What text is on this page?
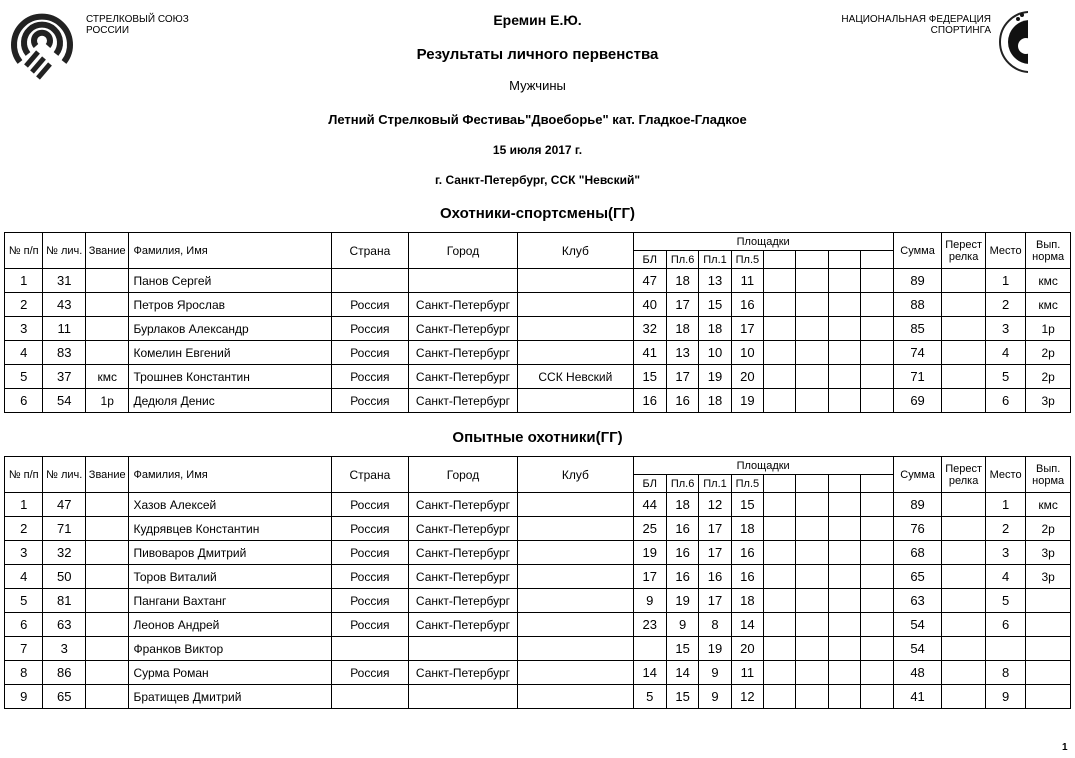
СТРЕЛКОВЫЙ СОЮЗ
РОССИИ
НАЦИОНАЛЬНАЯ ФЕДЕРАЦИЯ
СПОРТИНГА
Еремин Е.Ю.
Результаты личного первенства
Мужчины
Летний Стрелковый Фестиваь"Двоеборье" кат. Гладкое-Гладкое
15 июля 2017 г.
г. Санкт-Петербург, ССК "Невский"
Охотники-спортсмены(ГГ)
№ п/п	№ лич.	Звание	Фамилия, Имя	Страна	Город	Клуб	Площадки								Сумма	Перест релка	Место	Вып. норма
							БЛ	Пл.6	Пл.1	Пл.5								
1	31		Панов Сергей				47	18	13	11					89		1	кмс
2	43		Петров Ярослав	Россия	Санкт-Петербург		40	17	15	16					88		2	кмс
3	11		Бурлаков Александр	Россия	Санкт-Петербург		32	18	18	17					85		3	1р
4	83		Комелин Евгений	Россия	Санкт-Петербург		41	13	10	10					74		4	2р
5	37	кмс	Трошнев Константин	Россия	Санкт-Петербург	ССК Невский	15	17	19	20					71		5	2р
6	54	1р	Дедюля Денис	Россия	Санкт-Петербург		16	16	18	19					69		6	3р
Опытные охотники(ГГ)
№ п/п	№ лич.	Звание	Фамилия, Имя	Страна	Город	Клуб	Площадки								Сумма	Перест релка	Место	Вып. норма
							БЛ	Пл.6	Пл.1	Пл.5								
1	47		Хазов Алексей	Россия	Санкт-Петербург		44	18	12	15					89		1	кмс
2	71		Кудрявцев Константин	Россия	Санкт-Петербург		25	16	17	18					76		2	2р
3	32		Пивоваров Дмитрий	Россия	Санкт-Петербург		19	16	17	16					68		3	3р
4	50		Торов Виталий	Россия	Санкт-Петербург		17	16	16	16					65		4	3р
5	81		Пангани Вахтанг	Россия	Санкт-Петербург		9	19	17	18					63		5	
6	63		Леонов Андрей	Россия	Санкт-Петербург		23	9	8	14					54		6	
7	3		Франков Виктор					15	19	20					54			
8	86		Сурма Роман	Россия	Санкт-Петербург		14	14	9	11					48		8	
9	65		Братищев Дмитрий				5	15	9	12					41		9	
1
